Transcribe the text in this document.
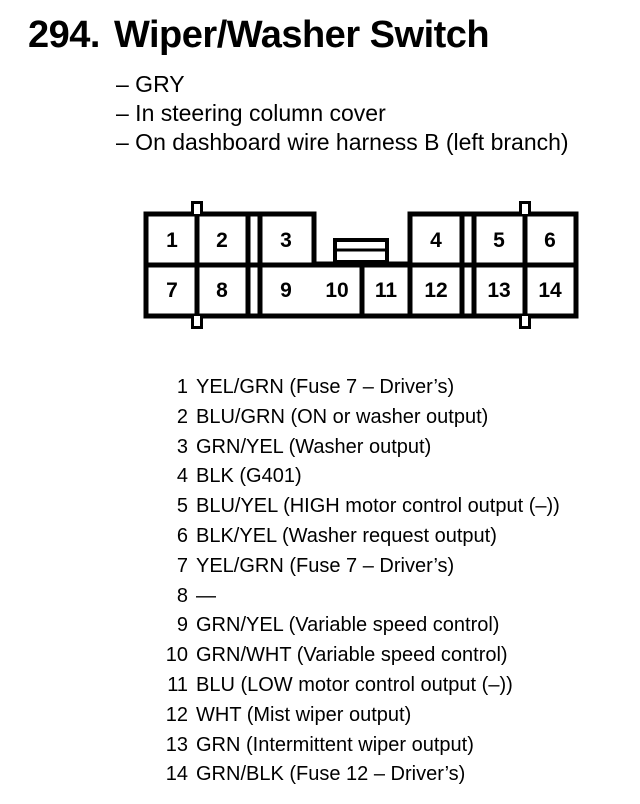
294. Wiper/Washer Switch
– GRY
– In steering column cover
– On dashboard wire harness B (left branch)
1 2 3	4 5 6
7 8 9 10 11 12 13 14
1 YEL/GRN (Fuse 7 – Driver’s)
2 BLU/GRN (ON or washer output)
3 GRN/YEL (Washer output)
4 BLK (G401)
5 BLU/YEL (HIGH motor control output (–))
6 BLK/YEL (Washer request output)
7 YEL/GRN (Fuse 7 – Driver’s)
8 —
9 GRN/YEL (Variable speed control)
10 GRN/WHT (Variable speed control)
11 BLU (LOW motor control output (–))
12 WHT (Mist wiper output)
13 GRN (Intermittent wiper output)
14 GRN/BLK (Fuse 12 – Driver’s)
